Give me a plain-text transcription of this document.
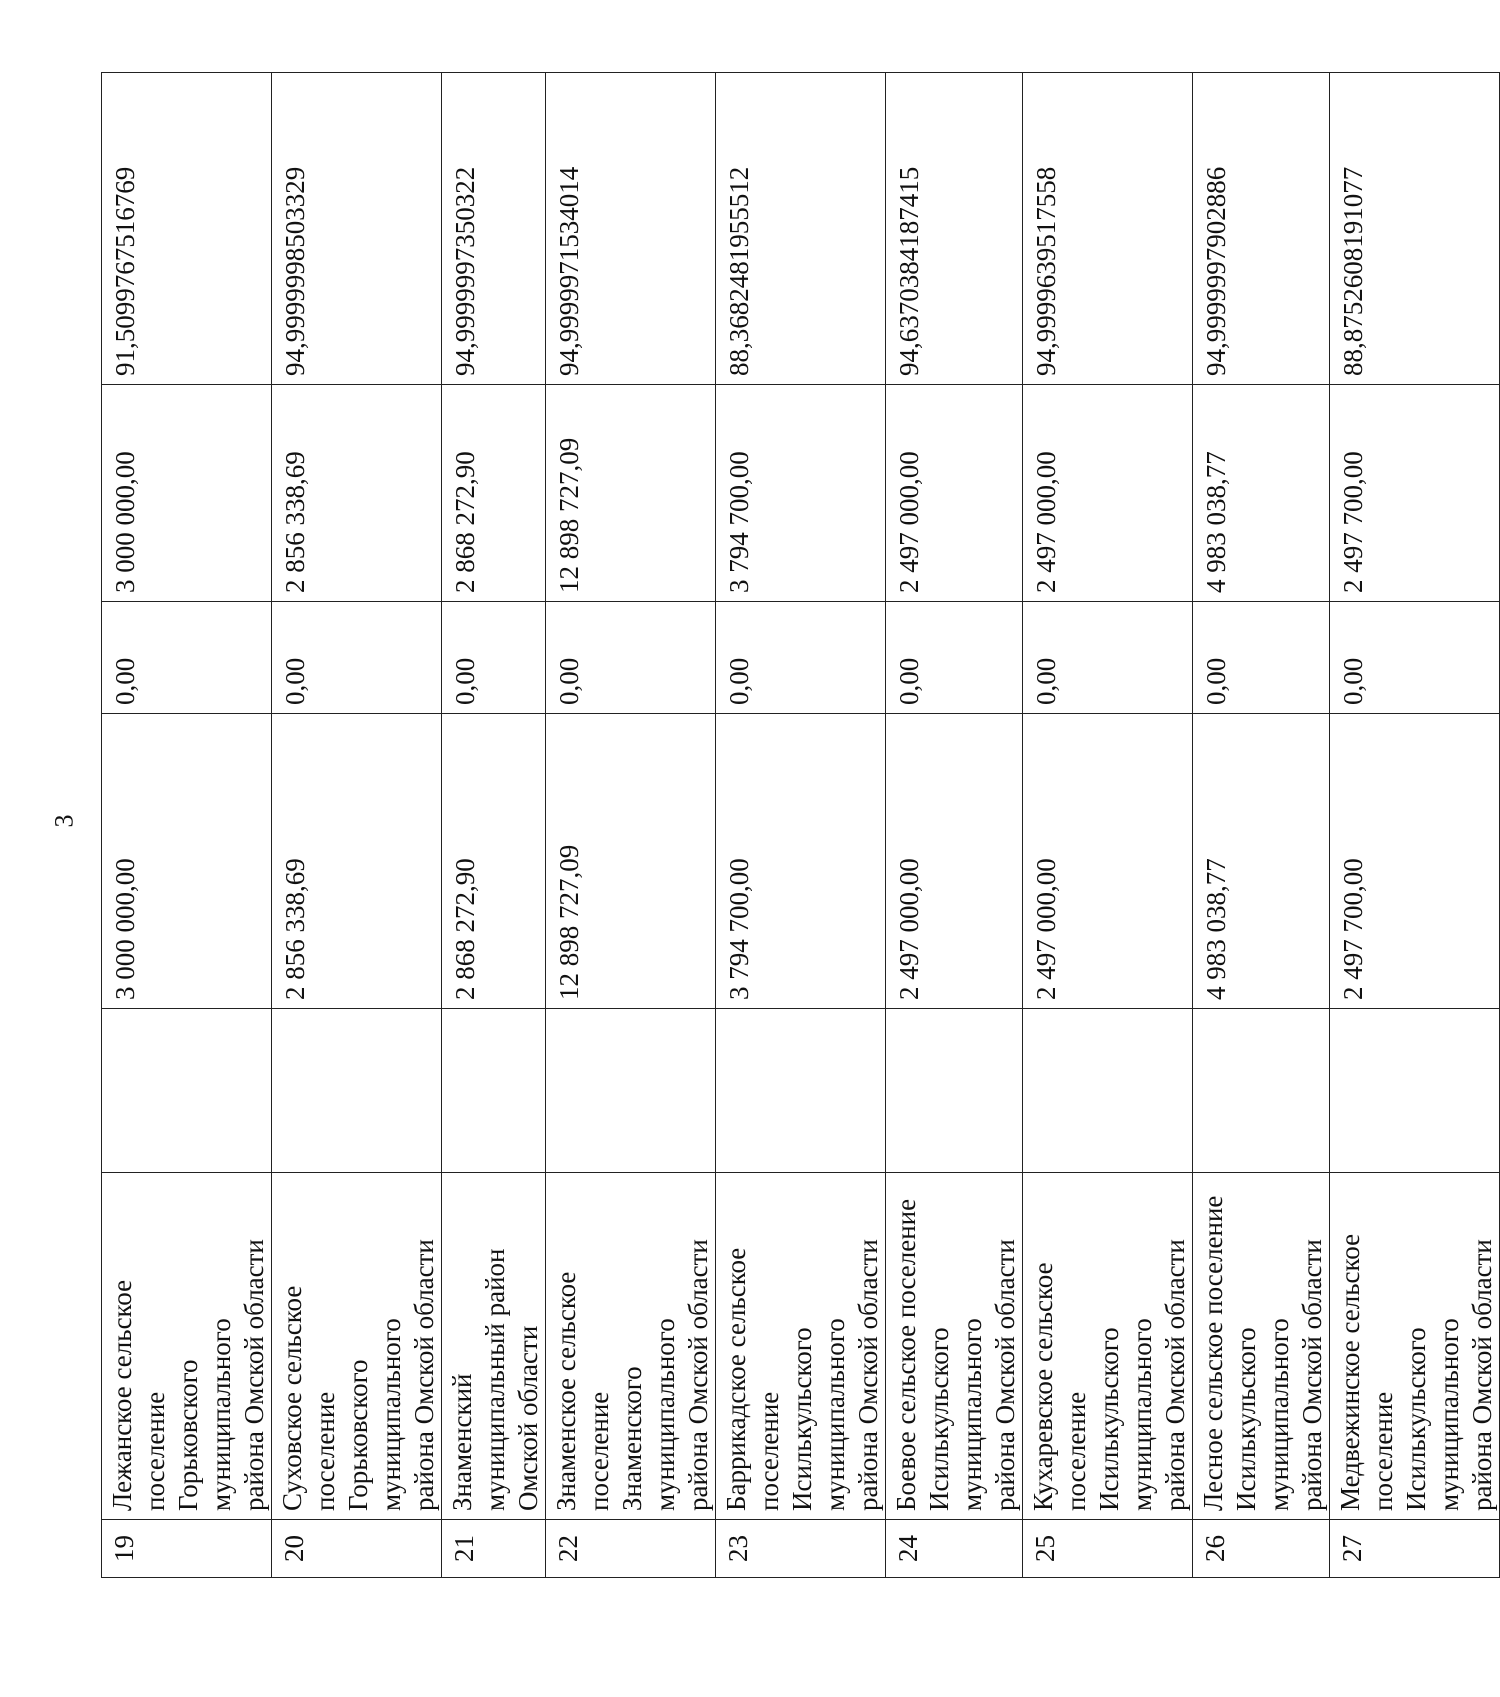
3
19	Лежанское сельское поселение Горьковского муниципального района Омской области		3 000 000,00	0,00	3 000 000,00	91,5099767516769
20	Суховское сельское поселение Горьковского муниципального района Омской области		2 856 338,69	0,00	2 856 338,69	94,9999998503329
21	Знаменский муниципальный район Омской области		2 868 272,90	0,00	2 868 272,90	94,9999997350322
22	Знаменское сельское поселение Знаменского муниципального района Омской области		12 898 727,09	0,00	12 898 727,09	94,9999971534014
23	Баррикадское сельское поселение Исилькульского муниципального района Омской области		3 794 700,00	0,00	3 794 700,00	88,3682481955512
24	Боевое сельское поселение Исилькульского муниципального района Омской области		2 497 000,00	0,00	2 497 000,00	94,6370384187415
25	Кухаревское сельское поселение Исилькульского муниципального района Омской области		2 497 000,00	0,00	2 497 000,00	94,9999639517558
26	Лесное сельское поселение Исилькульского муниципального района Омской области		4 983 038,77	0,00	4 983 038,77	94,9999997902886
27	Медвежинское сельское поселение Исилькульского муниципального района Омской области		2 497 700,00	0,00	2 497 700,00	88,8752608191077
